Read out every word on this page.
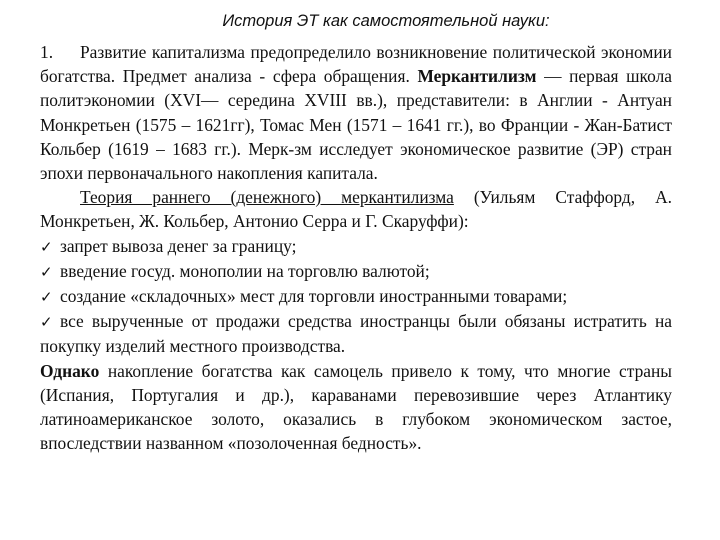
История ЭТ как самостоятельной науки:

1. Развитие капитализма предопределило возникновение политической экономии богатства. Предмет анализа - сфера обращения. Меркантилизм — первая школа политэкономии (XVI— середина XVIII вв.), представители: в Англии - Антуан Монкретьен (1575 – 1621гг), Томас Мен (1571 – 1641 гг.), во Франции - Жан-Батист Кольбер (1619 – 1683 гг.). Мерк-зм исследует экономическое развитие (ЭР) стран эпохи первоначального накопления капитала.

Теория раннего (денежного) меркантилизма (Уильям Стаффорд, А. Монкретьен, Ж. Кольбер, Антонио Серра и Г. Скаруффи):

✓ запрет вывоза денег за границу;

✓ введение госуд. монополии на торговлю валютой;

✓ создание «складочных» мест для торговли иностранными товарами;

✓ все вырученные от продажи средства иностранцы были обязаны истратить на покупку изделий местного производства.

Однако накопление богатства как самоцель привело к тому, что многие страны (Испания, Португалия и др.), караванами перевозившие через Атлантику латиноамериканское золото, оказались в глубоком экономическом застое, впоследствии названном «позолоченная бедность».
